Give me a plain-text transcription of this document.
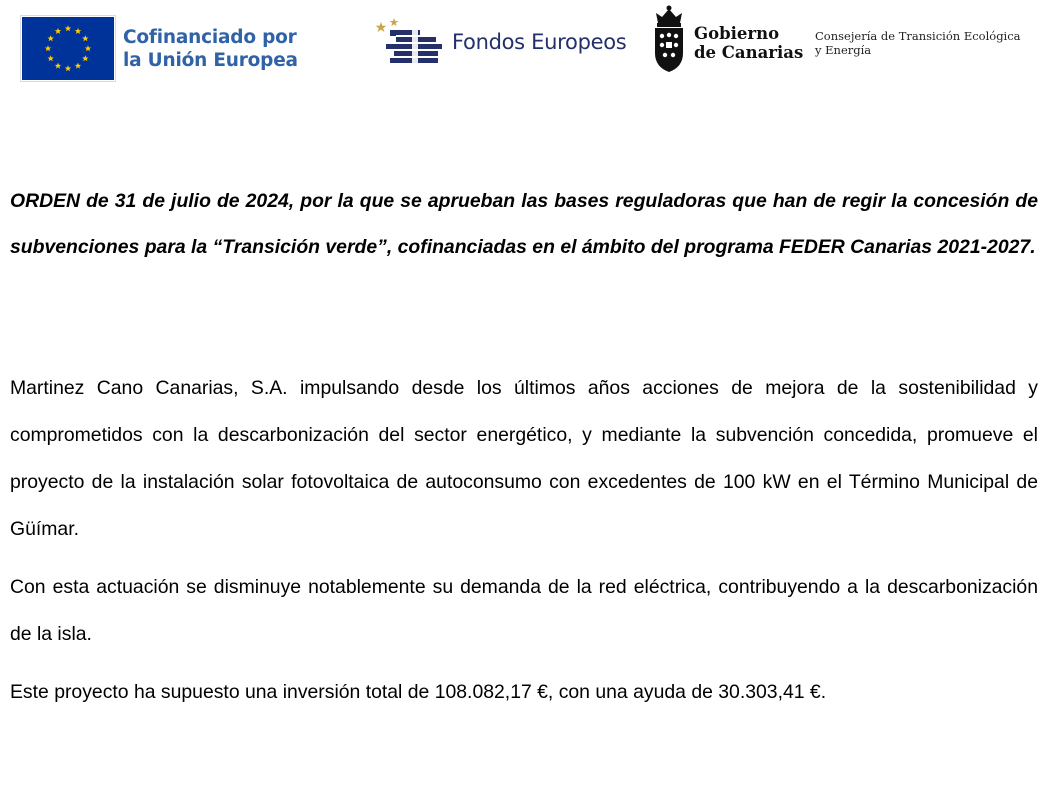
Cofinanciado por
la Unión Europea
Fondos Europeos	Gobierno
de Canarias
Consejería de Transición Ecológica
y Energía

ORDEN de 31 de julio de 2024, por la que se aprueban las bases reguladoras que han de regir la concesión de subvenciones para la “Transición verde”, cofinanciadas en el ámbito del programa FEDER Canarias 2021-2027.

Martinez Cano Canarias, S.A. impulsando desde los últimos años acciones de mejora de la sostenibilidad y comprometidos con la descarbonización del sector energético, y mediante la subvención concedida, promueve el proyecto de la instalación solar fotovoltaica de autoconsumo con excedentes de 100 kW en el Término Municipal de Güímar.

Con esta actuación se disminuye notablemente su demanda de la red eléctrica, contribuyendo a la descarbonización de la isla.

Este proyecto ha supuesto una inversión total de 108.082,17 €, con una ayuda de 30.303,41 €.
